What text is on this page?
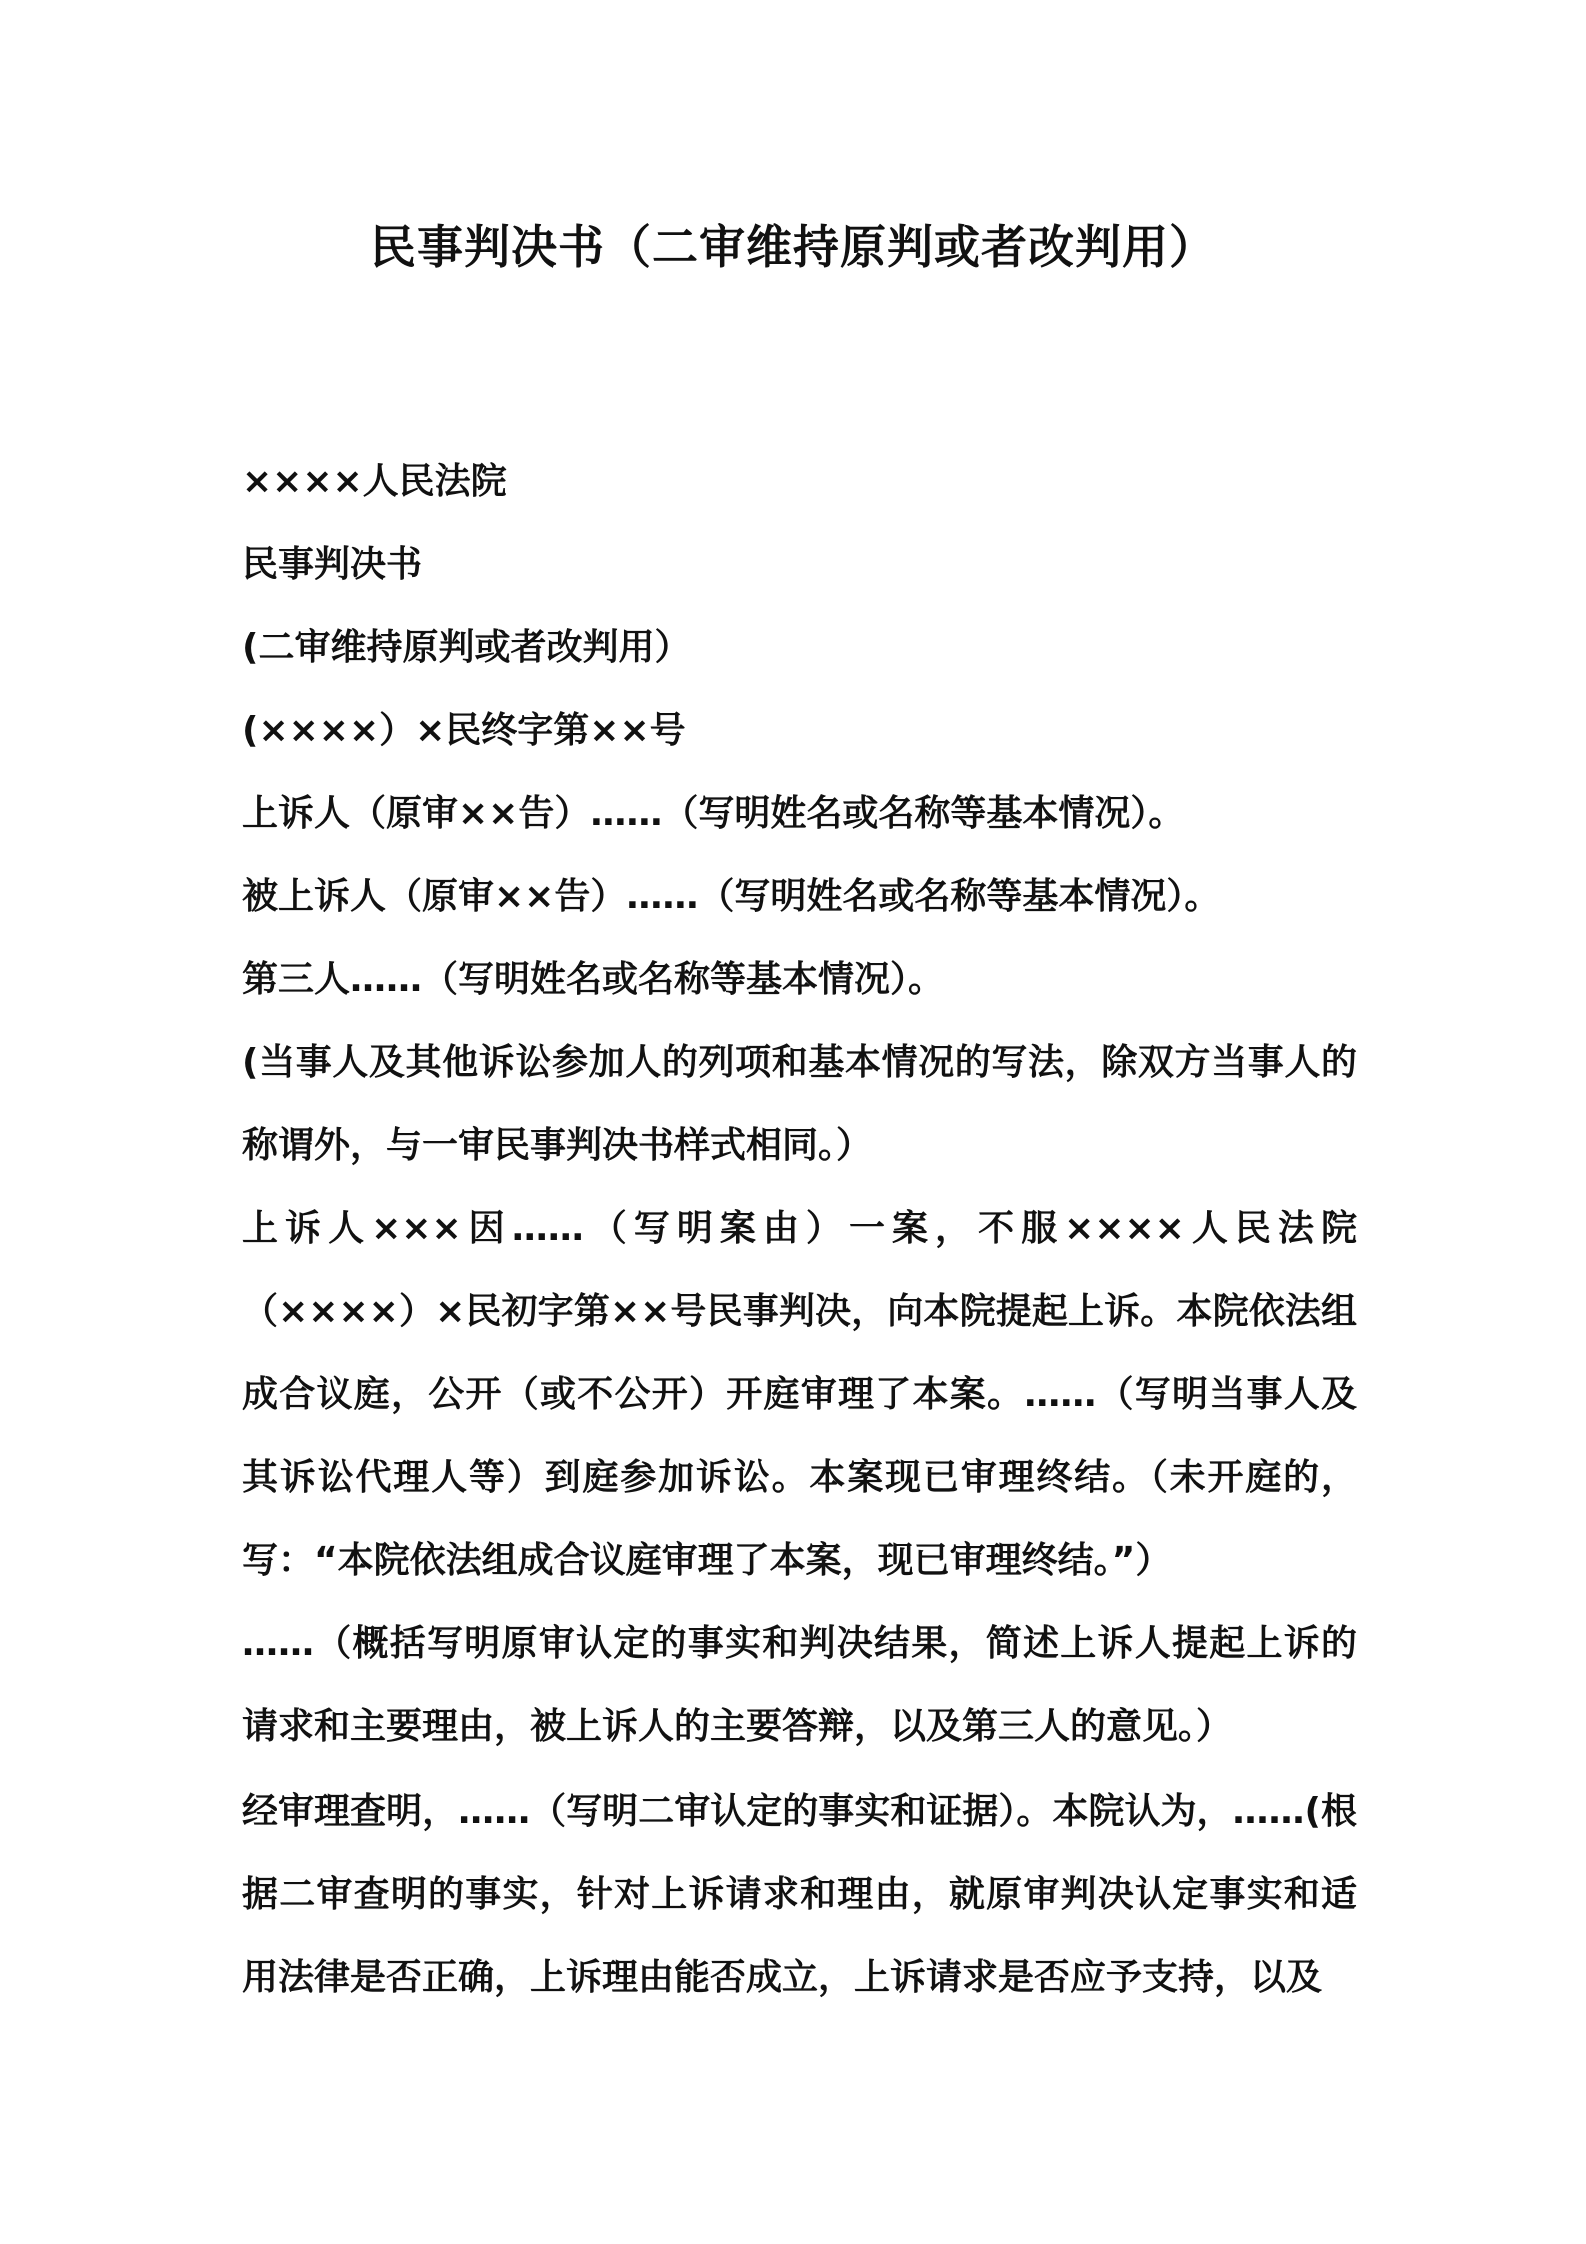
民事判决书（二审维持原判或者改判用）

××××人民法院

民事判决书

(二审维持原判或者改判用）

(××××）×民终字第××号

上诉人（原审××告）……（写明姓名或名称等基本情况）。

被上诉人（原审××告）……（写明姓名或名称等基本情况）。

第三人……（写明姓名或名称等基本情况）。

(当事人及其他诉讼参加人的列项和基本情况的写法，除双方当事人的称谓外，与一审民事判决书样式相同。）

上诉人×××因……（写明案由）一案，不服××××人民法院（××××）×民初字第××号民事判决，向本院提起上诉。本院依法组成合议庭，公开（或不公开）开庭审理了本案。……（写明当事人及其诉讼代理人等）到庭参加诉讼。本案现已审理终结。（未开庭的，写：“本院依法组成合议庭审理了本案，现已审理终结。”）

……（概括写明原审认定的事实和判决结果，简述上诉人提起上诉的请求和主要理由，被上诉人的主要答辩，以及第三人的意见。）

经审理查明，……（写明二审认定的事实和证据）。本院认为，……(根据二审查明的事实，针对上诉请求和理由，就原审判决认定事实和适用法律是否正确，上诉理由能否成立，上诉请求是否应予支持，以及
